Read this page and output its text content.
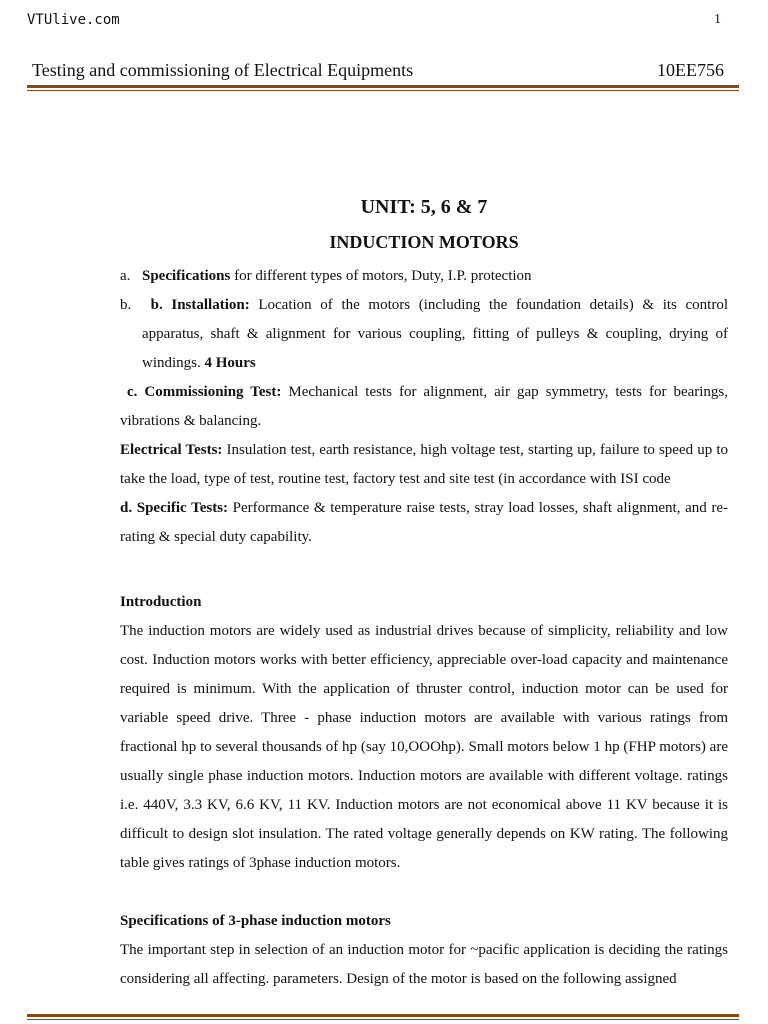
VTUlive.com	1
Testing and commissioning of Electrical Equipments	10EE756
UNIT: 5, 6 & 7
INDUCTION MOTORS
a. Specifications for different types of motors, Duty, I.P. protection

b.	b. Installation: Location of the motors (including the foundation details) & its control apparatus, shaft & alignment for various coupling, fitting of pulleys & coupling, drying of windings. 4 Hours

c. Commissioning Test: Mechanical tests for alignment, air gap symmetry, tests for bearings, vibrations & balancing.

Electrical Tests: Insulation test, earth resistance, high voltage test, starting up, failure to speed up to take the load, type of test, routine test, factory test and site test (in accordance with ISI code

d. Specific Tests: Performance & temperature raise tests, stray load losses, shaft alignment, and re-rating & special duty capability.

Introduction

The induction motors are widely used as industrial drives because of simplicity, reliability and low cost. Induction motors works with better efficiency, appreciable over-load capacity and maintenance required is minimum. With the application of thruster control, induction motor can be used for variable speed drive. Three - phase induction motors are available with various ratings from fractional hp to several thousands of hp (say 10,OOOhp). Small motors below 1 hp (FHP motors) are usually single phase induction motors. Induction motors are available with different voltage. ratings i.e. 440V, 3.3 KV, 6.6 KV, 11 KV. Induction motors are not economical above 11 KV because it is difficult to design slot insulation. The rated voltage generally depends on KW rating. The following table gives ratings of 3phase induction motors.

Specifications of 3-phase induction motors

The important step in selection of an induction motor for ~pacific application is deciding the ratings considering all affecting. parameters. Design of the motor is based on the following assigned
